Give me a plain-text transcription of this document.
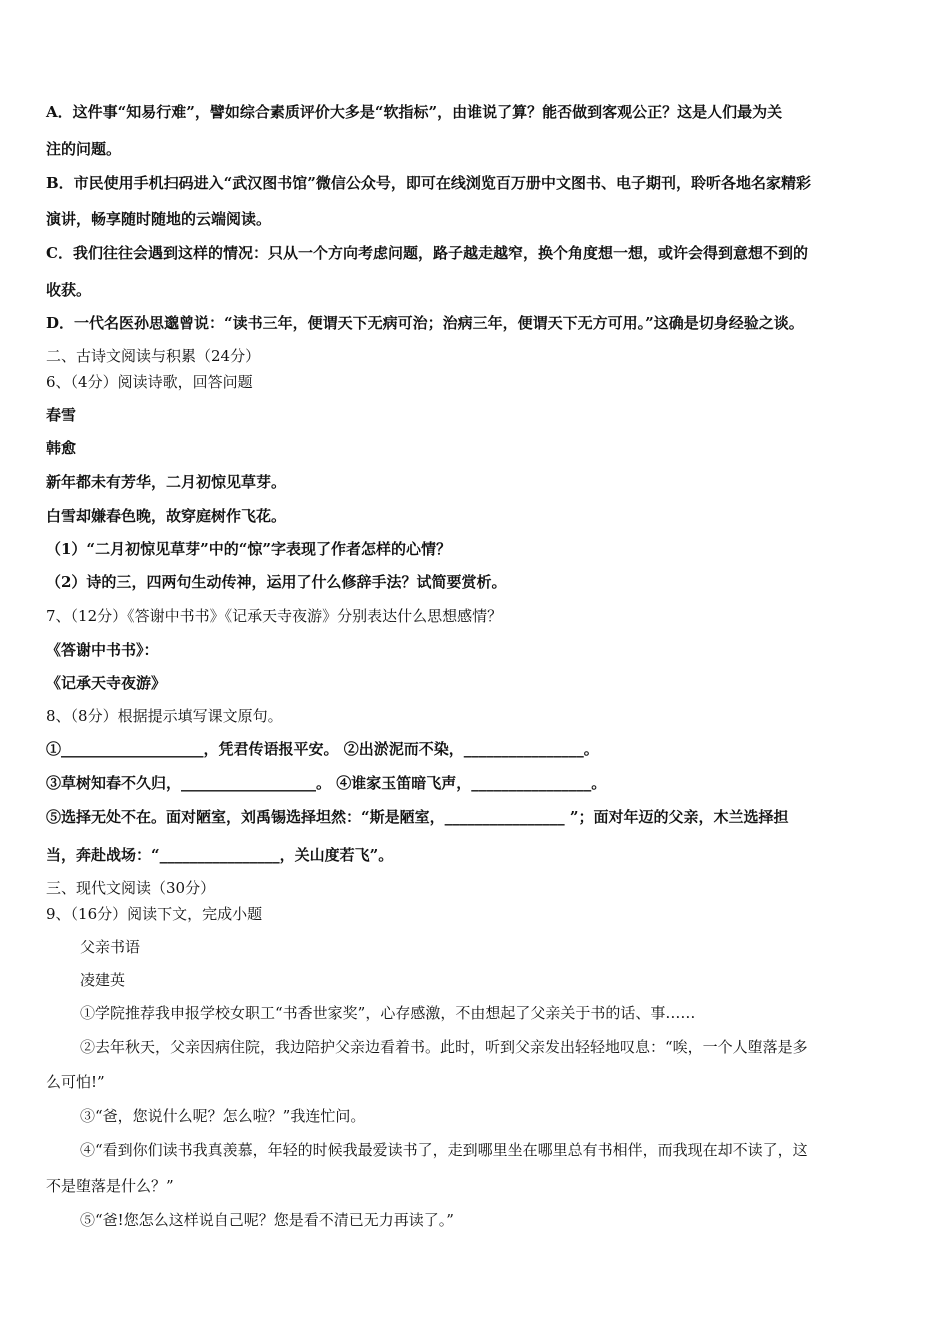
A．这件事“知易行难”，譬如综合素质评价大多是“软指标”，由谁说了算？能否做到客观公正？这是人们最为关
注的问题。
B．市民使用手机扫码进入“武汉图书馆”微信公众号，即可在线浏览百万册中文图书、电子期刊，聆听各地名家精彩
演讲，畅享随时随地的云端阅读。
C．我们往往会遇到这样的情况：只从一个方向考虑问题，路子越走越窄，换个角度想一想，或许会得到意想不到的
收获。
D．一代名医孙思邈曾说：“读书三年，便谓天下无病可治；治病三年，便谓天下无方可用。”这确是切身经验之谈。
二、古诗文阅读与积累（24分）
6、（4分）阅读诗歌，回答问题
春雪
韩愈
新年都未有芳华，二月初惊见草芽。
白雪却嫌春色晚，故穿庭树作飞花。
（1）“二月初惊见草芽”中的“惊”字表现了作者怎样的心情？
（2）诗的三，四两句生动传神，运用了什么修辞手法？试简要赏析。
7、（12分）《答谢中书书》《记承天寺夜游》分别表达什么思想感情？
《答谢中书书》：
《记承天寺夜游》
8、（8分）根据提示填写课文原句。
①___________________，凭君传语报平安。 ②出淤泥而不染，________________。
③草树知春不久归，__________________。 ④谁家玉笛暗飞声，________________。
⑤选择无处不在。面对陋室，刘禹锡选择坦然：“斯是陋室，________________ ”；面对年迈的父亲，木兰选择担
当，奔赴战场：“________________，关山度若飞”。
三、现代文阅读（30分）
9、（16分）阅读下文，完成小题
父亲书语
凌建英
①学院推荐我申报学校女职工“书香世家奖”，心存感激，不由想起了父亲关于书的话、事……
②去年秋天，父亲因病住院，我边陪护父亲边看着书。此时，听到父亲发出轻轻地叹息：“唉，一个人堕落是多
么可怕!”
③“爸，您说什么呢？怎么啦？”我连忙问。
④“看到你们读书我真羡慕，年轻的时候我最爱读书了，走到哪里坐在哪里总有书相伴，而我现在却不读了，这
不是堕落是什么？”
⑤“爸!您怎么这样说自己呢？您是看不清已无力再读了。”
